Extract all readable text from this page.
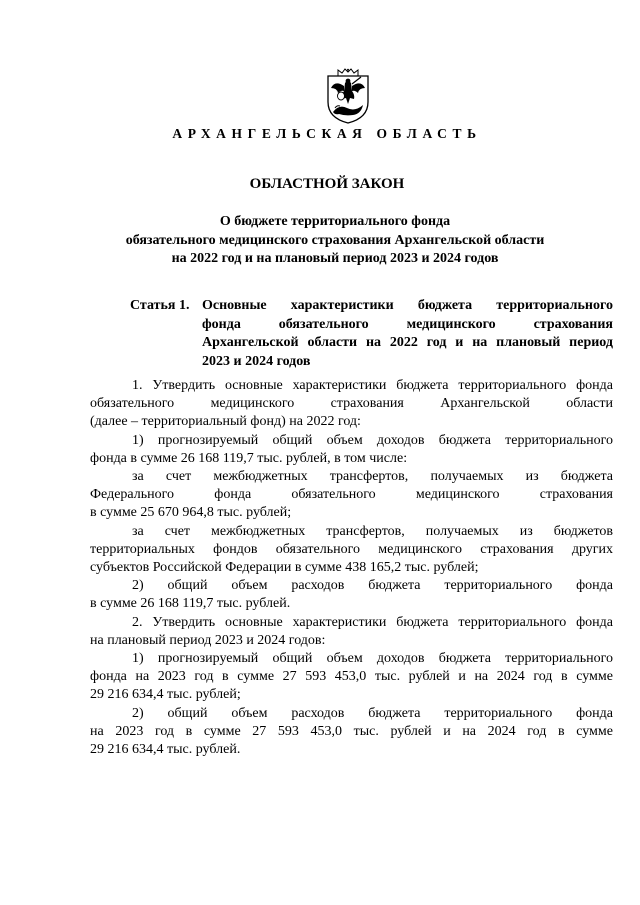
АРХАНГЕЛЬСКАЯ ОБЛАСТЬ
ОБЛАСТНОЙ ЗАКОН
О бюджете территориального фонда
обязательного медицинского страхования Архангельской области
на 2022 год и на плановый период 2023 и 2024 годов
Статья 1. Основные характеристики бюджета территориального
фонда обязательного медицинского страхования
Архангельской области на 2022 год и на плановый период
2023 и 2024 годов
1. Утвердить основные характеристики бюджета территориального фонда
обязательного медицинского страхования Архангельской области
(далее – территориальный фонд) на 2022 год:
1) прогнозируемый общий объем доходов бюджета территориального
фонда в сумме 26 168 119,7 тыс. рублей, в том числе:
за счет межбюджетных трансфертов, получаемых из бюджета
Федерального фонда обязательного медицинского страхования
в сумме 25 670 964,8 тыс. рублей;
за счет межбюджетных трансфертов, получаемых из бюджетов
территориальных фондов обязательного медицинского страхования других
субъектов Российской Федерации в сумме 438 165,2 тыс. рублей;
2) общий объем расходов бюджета территориального фонда
в сумме 26 168 119,7 тыс. рублей.
2. Утвердить основные характеристики бюджета территориального фонда
на плановый период 2023 и 2024 годов:
1) прогнозируемый общий объем доходов бюджета территориального
фонда на 2023 год в сумме 27 593 453,0 тыс. рублей и на 2024 год в сумме
29 216 634,4 тыс. рублей;
2) общий объем расходов бюджета территориального фонда
на 2023 год в сумме 27 593 453,0 тыс. рублей и на 2024 год в сумме
29 216 634,4 тыс. рублей.
